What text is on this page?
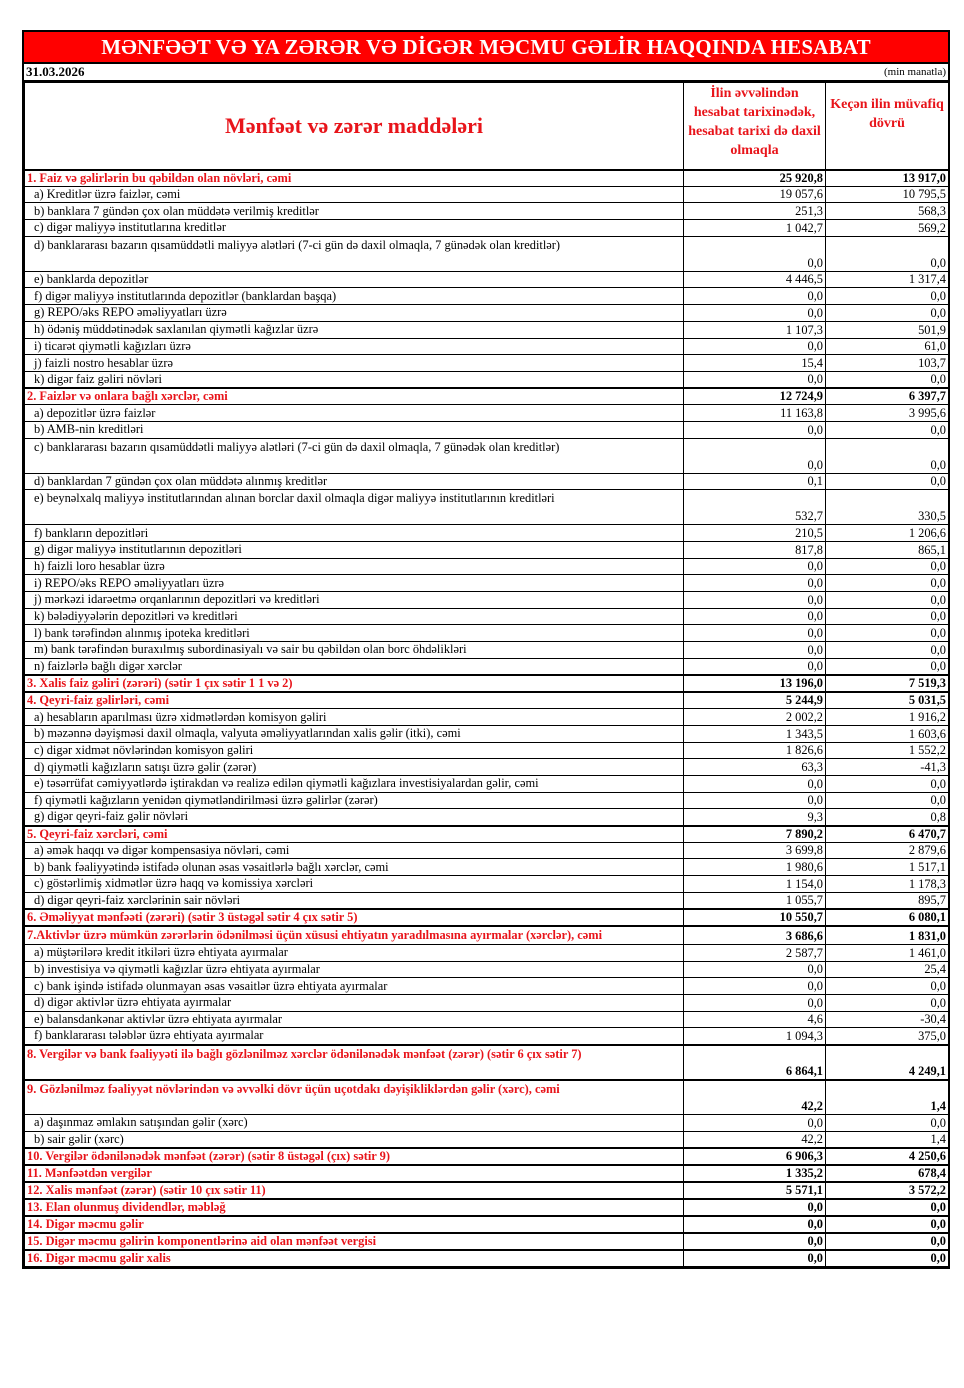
MƏNFƏƏT VƏ YA ZƏRƏR VƏ DİGƏR MƏCMU GƏLİR HAQQINDA HESABAT
31.03.2026	(min manatla)
Mənfəət və zərər maddələri	İlin əvvəlindən hesabat tarixinədək, hesabat tarixi də daxil olmaqla	Keçən ilin müvafiq dövrü
1. Faiz və gəlirlərin bu qəbildən olan növləri, cəmi	25 920,8	13 917,0
a) Kreditlər üzrə faizlər, cəmi	19 057,6	10 795,5
b) banklara 7 gündən çox olan müddətə verilmiş kreditlər	251,3	568,3
c) digər maliyyə institutlarına kreditlər	1 042,7	569,2
d) banklararası bazarın qısamüddətli maliyyə alətləri (7-ci gün də daxil olmaqla, 7 günədək olan kreditlər)	0,0	0,0
e) banklarda depozitlər	4 446,5	1 317,4
f) digər maliyyə institutlarında depozitlər (banklardan başqa)	0,0	0,0
g) REPO/əks REPO əməliyyatları üzrə	0,0	0,0
h) ödəniş müddətinədək saxlanılan qiymətli kağızlar üzrə	1 107,3	501,9
i) ticarət qiymətli kağızları üzrə	0,0	61,0
j) faizli nostro hesablar üzrə	15,4	103,7
k) digər faiz gəliri növləri	0,0	0,0
2. Faizlər və onlara bağlı xərclər, cəmi	12 724,9	6 397,7
a) depozitlər üzrə faizlər	11 163,8	3 995,6
b) AMB-nin kreditləri	0,0	0,0
c) banklararası bazarın qısamüddətli maliyyə alətləri (7-ci gün də daxil olmaqla, 7 günədək olan kreditlər)	0,0	0,0
d) banklardan 7 gündən çox olan müddətə alınmış kreditlər	0,1	0,0
e) beynəlxalq maliyyə institutlarından alınan borclar daxil olmaqla digər maliyyə institutlarının kreditləri	532,7	330,5
f) bankların depozitləri	210,5	1 206,6
g) digər maliyyə institutlarının depozitləri	817,8	865,1
h) faizli loro hesablar üzrə	0,0	0,0
i) REPO/əks REPO əməliyyatları üzrə	0,0	0,0
j) mərkəzi idarəetmə orqanlarının depozitləri və kreditləri	0,0	0,0
k) bələdiyyələrin depozitləri və kreditləri	0,0	0,0
l) bank tərəfindən alınmış ipoteka kreditləri	0,0	0,0
m) bank tərəfindən buraxılmış subordinasiyalı və sair bu qəbildən olan borc öhdəlikləri	0,0	0,0
n) faizlərlə bağlı digər xərclər	0,0	0,0
3. Xalis faiz gəliri (zərəri) (sətir 1 çıx sətir 1 1 və 2)	13 196,0	7 519,3
4. Qeyri-faiz gəlirləri, cəmi	5 244,9	5 031,5
a) hesabların aparılması üzrə xidmətlərdən komisyon gəliri	2 002,2	1 916,2
b) məzənnə dəyişməsi daxil olmaqla, valyuta əməliyyatlarından xalis gəlir (itki), cəmi	1 343,5	1 603,6
c) digər xidmət növlərindən komisyon gəliri	1 826,6	1 552,2
d) qiymətli kağızların satışı üzrə gəlir (zərər)	63,3	-41,3
e) təsərrüfat cəmiyyətlərdə iştirakdan və realizə edilən qiymətli kağızlara investisiyalardan gəlir, cəmi	0,0	0,0
f) qiymətli kağızların yenidən qiymətləndirilməsi üzrə gəlirlər (zərər)	0,0	0,0
g) digər qeyri-faiz gəlir növləri	9,3	0,8
5. Qeyri-faiz xərcləri, cəmi	7 890,2	6 470,7
a) əmək haqqı və digər kompensasiya növləri, cəmi	3 699,8	2 879,6
b) bank fəaliyyətində istifadə olunan əsas vəsaitlərlə bağlı xərclər, cəmi	1 980,6	1 517,1
c) göstərlimiş xidmətlər üzrə haqq və komissiya xərcləri	1 154,0	1 178,3
d) digər qeyri-faiz xərclərinin sair növləri	1 055,7	895,7
6. Əməliyyat mənfəəti (zərəri) (sətir 3 üstəgəl sətir 4 çıx sətir 5)	10 550,7	6 080,1
7.Aktivlər üzrə mümkün zərərlərin ödənilməsi üçün xüsusi ehtiyatın yaradılmasına ayırmalar (xərclər), cəmi	3 686,6	1 831,0
a) müştərilərə kredit itkiləri üzrə ehtiyata ayırmalar	2 587,7	1 461,0
b) investisiya və qiymətli kağızlar üzrə ehtiyata ayırmalar	0,0	25,4
c) bank işində istifadə olunmayan əsas vəsaitlər üzrə ehtiyata ayırmalar	0,0	0,0
d) digər aktivlər üzrə ehtiyata ayırmalar	0,0	0,0
e) balansdankənar aktivlər üzrə ehtiyata ayırmalar	4,6	-30,4
f) banklararası tələblər üzrə ehtiyata ayırmalar	1 094,3	375,0
8. Vergilər və bank fəaliyyəti ilə bağlı gözlənilməz xərclər ödənilənədək mənfəət (zərər) (sətir 6 çıx sətir 7)	6 864,1	4 249,1
9. Gözlənilməz fəaliyyət növlərindən və əvvəlki dövr üçün uçotdakı dəyişikliklərdən gəlir (xərc), cəmi	42,2	1,4
a) daşınmaz əmlakın satışından gəlir (xərc)	0,0	0,0
b) sair gəlir (xərc)	42,2	1,4
10. Vergilər ödənilənədək mənfəət (zərər) (sətir 8 üstəgəl (çıx) sətir 9)	6 906,3	4 250,6
11. Mənfəətdən vergilər	1 335,2	678,4
12. Xalis mənfəət (zərər) (sətir 10 çıx sətir 11)	5 571,1	3 572,2
13. Elan olunmuş dividendlər, məbləğ	0,0	0,0
14. Digər məcmu gəlir	0,0	0,0
15. Digər məcmu gəlirin komponentlərinə aid olan mənfəət vergisi	0,0	0,0
16. Digər məcmu gəlir xalis	0,0	0,0
